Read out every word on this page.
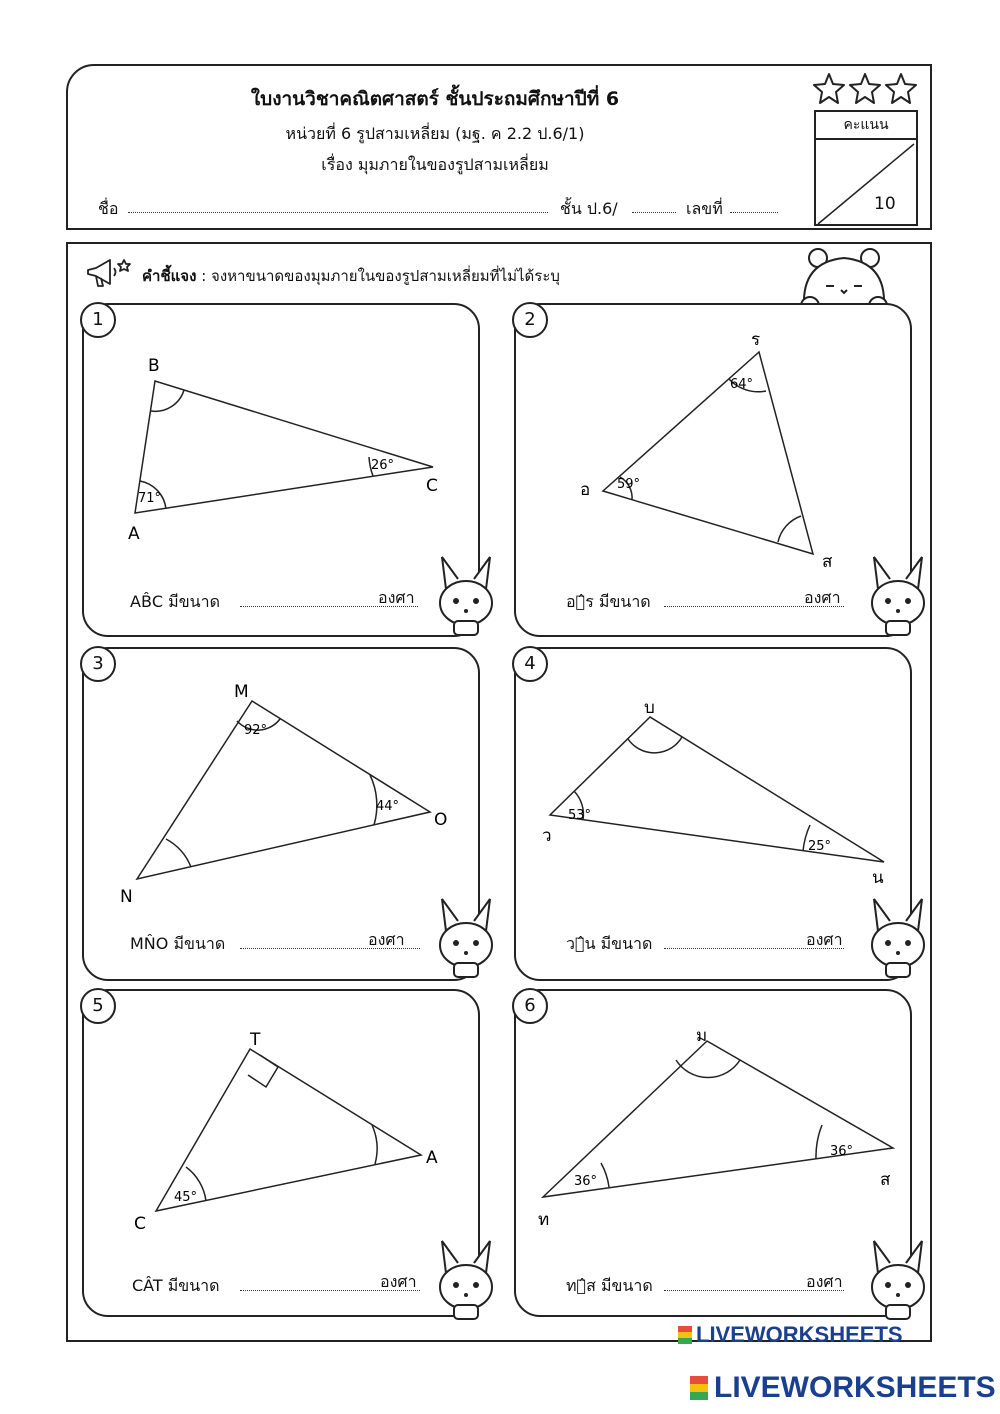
ใบงานวิชาคณิตศาสตร์ ชั้นประถมศึกษาปีที่ 6
หน่วยที่ 6 รูปสามเหลี่ยม (มฐ. ค 2.2 ป.6/1)
เรื่อง มุมภายในของรูปสามเหลี่ยม
ชื่อ	ชั้น ป.6/	เลขที่
คะแนน
10
คำชี้แจง : จงหาขนาดของมุมภายในของรูปสามเหลี่ยมที่ไม่ได้ระบุ
B
C
A
26°
71°
1
AB̂C มีขนาด	องศา
ร
อ
ส
64°
59°
2
อส̂ร มีขนาด	องศา
M
O
N
92°
44°
3
MN̂O มีขนาด	องศา
บ
ว
น
53°
25°
4
วบ̂น มีขนาด	องศา
T
A
C
45°
5
CÂT มีขนาด	องศา
ม
ส
ท
36°
36°
6
ทม̂ส มีขนาด	องศา
LIVEWORKSHEETS
LIVEWORKSHEETS
